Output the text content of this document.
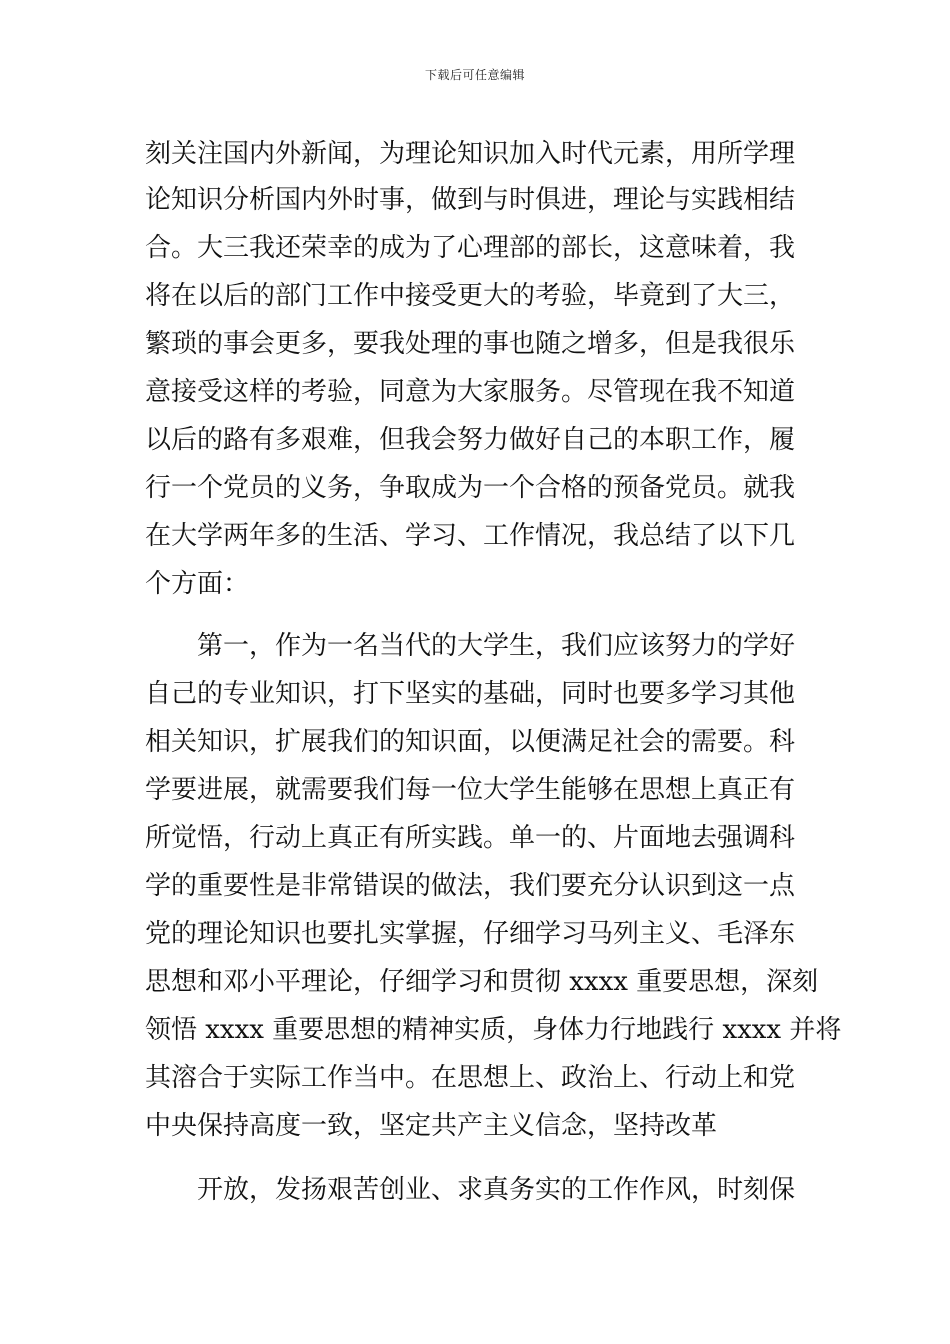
下载后可任意编辑
刻关注国内外新闻，为理论知识加入时代元素，用所学理
论知识分析国内外时事，做到与时俱进，理论与实践相结
合。大三我还荣幸的成为了心理部的部长，这意味着，我
将在以后的部门工作中接受更大的考验，毕竟到了大三，
繁琐的事会更多，要我处理的事也随之增多，但是我很乐
意接受这样的考验，同意为大家服务。尽管现在我不知道
以后的路有多艰难，但我会努力做好自己的本职工作，履
行一个党员的义务，争取成为一个合格的预备党员。就我
在大学两年多的生活、学习、工作情况，我总结了以下几
个方面：
第一，作为一名当代的大学生，我们应该努力的学好
自己的专业知识，打下坚实的基础，同时也要多学习其他
相关知识，扩展我们的知识面，以便满足社会的需要。科
学要进展，就需要我们每一位大学生能够在思想上真正有
所觉悟，行动上真正有所实践。单一的、片面地去强调科
学的重要性是非常错误的做法，我们要充分认识到这一点
党的理论知识也要扎实掌握，仔细学习马列主义、毛泽东
思想和邓小平理论，仔细学习和贯彻 xxxx 重要思想，深刻
领悟 xxxx 重要思想的精神实质，身体力行地践行 xxxx 并将
其溶合于实际工作当中。在思想上、政治上、行动上和党
中央保持高度一致，坚定共产主义信念，坚持改革
开放，发扬艰苦创业、求真务实的工作作风，时刻保
